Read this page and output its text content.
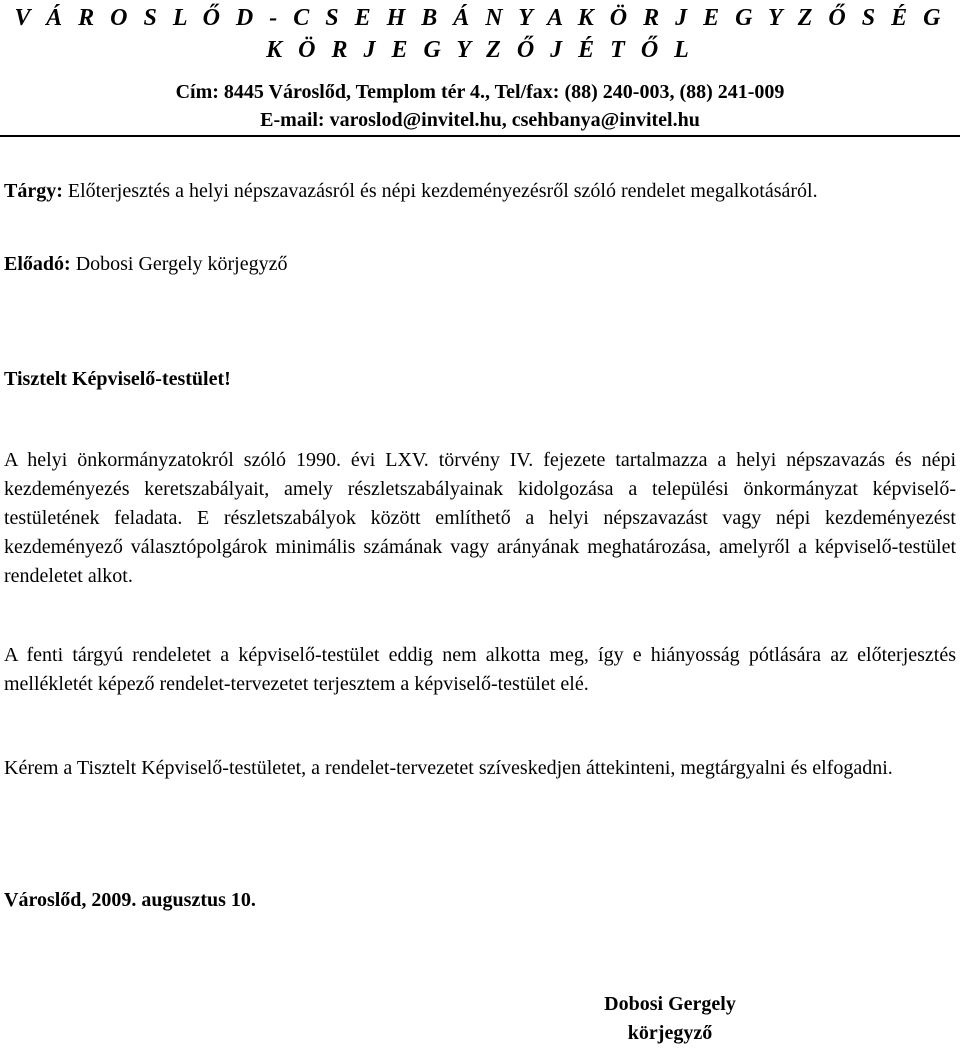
V Á R O S L Ő D - C S E H B Á N Y A K Ö R J E G Y Z Ő S É G
K Ö R J E G Y Z Ő J É T Ő L
Cím: 8445 Városlőd, Templom tér 4., Tel/fax: (88) 240-003, (88) 241-009
E-mail: varoslod@invitel.hu, csehbanya@invitel.hu
Tárgy: Előterjesztés a helyi népszavazásról és népi kezdeményezésről szóló rendelet megalkotásáról.
Előadó: Dobosi Gergely körjegyző
Tisztelt Képviselő-testület!
A helyi önkormányzatokról szóló 1990. évi LXV. törvény IV. fejezete tartalmazza a helyi népszavazás és népi kezdeményezés keretszabályait, amely részletszabályainak kidolgozása a települési önkormányzat képviselő-testületének feladata. E részletszabályok között említhető a helyi népszavazást vagy népi kezdeményezést kezdeményező választópolgárok minimális számának vagy arányának meghatározása, amelyről a képviselő-testület rendeletet alkot.
A fenti tárgyú rendeletet a képviselő-testület eddig nem alkotta meg, így e hiányosság pótlására az előterjesztés mellékletét képező rendelet-tervezetet terjesztem a képviselő-testület elé.
Kérem a Tisztelt Képviselő-testületet, a rendelet-tervezetet szíveskedjen áttekinteni, megtárgyalni és elfogadni.
Városlőd, 2009. augusztus 10.
Dobosi Gergely
körjegyző
